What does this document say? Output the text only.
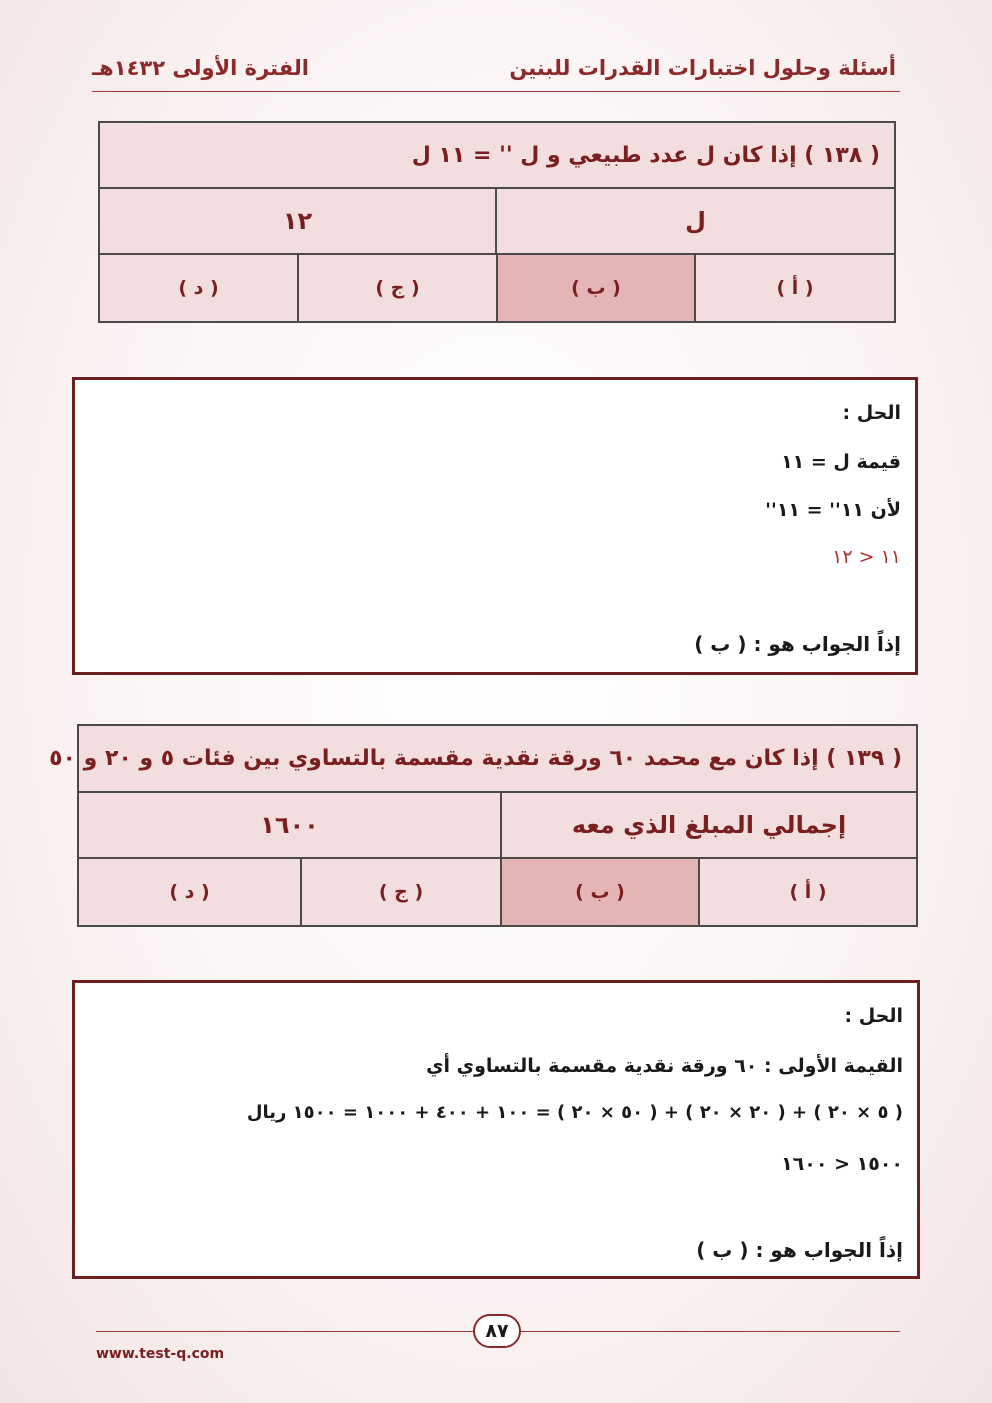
أسئلة وحلول اختبارات القدرات للبنين
الفترة الأولى ١٤٣٢هـ
( ١٣٨ ) إذا كان ل عدد طبيعي و ل '' = ١١ ل
ل
١٢
( أ )
( ب )
( ج )
( د )
الحل :
قيمة ل = ١١
لأن ١١'' = ١١''
١١ < ١٢
إذاً الجواب هو : ( ب )
( ١٣٩ ) إذا كان مع محمد ٦٠ ورقة نقدية مقسمة بالتساوي بين فئات ٥ و ٢٠ و ٥٠
إجمالي المبلغ الذي معه
١٦٠٠
( أ )
( ب )
( ج )
( د )
الحل :
القيمة الأولى : ٦٠ ورقة نقدية مقسمة بالتساوي أي
( ٥ × ٢٠ ) + ( ٢٠ × ٢٠ ) + ( ٥٠ × ٢٠ ) = ١٠٠ + ٤٠٠ + ١٠٠٠ = ١٥٠٠ ريال
١٥٠٠ < ١٦٠٠
إذاً الجواب هو : ( ب )
٨٧
www.test-q.com
